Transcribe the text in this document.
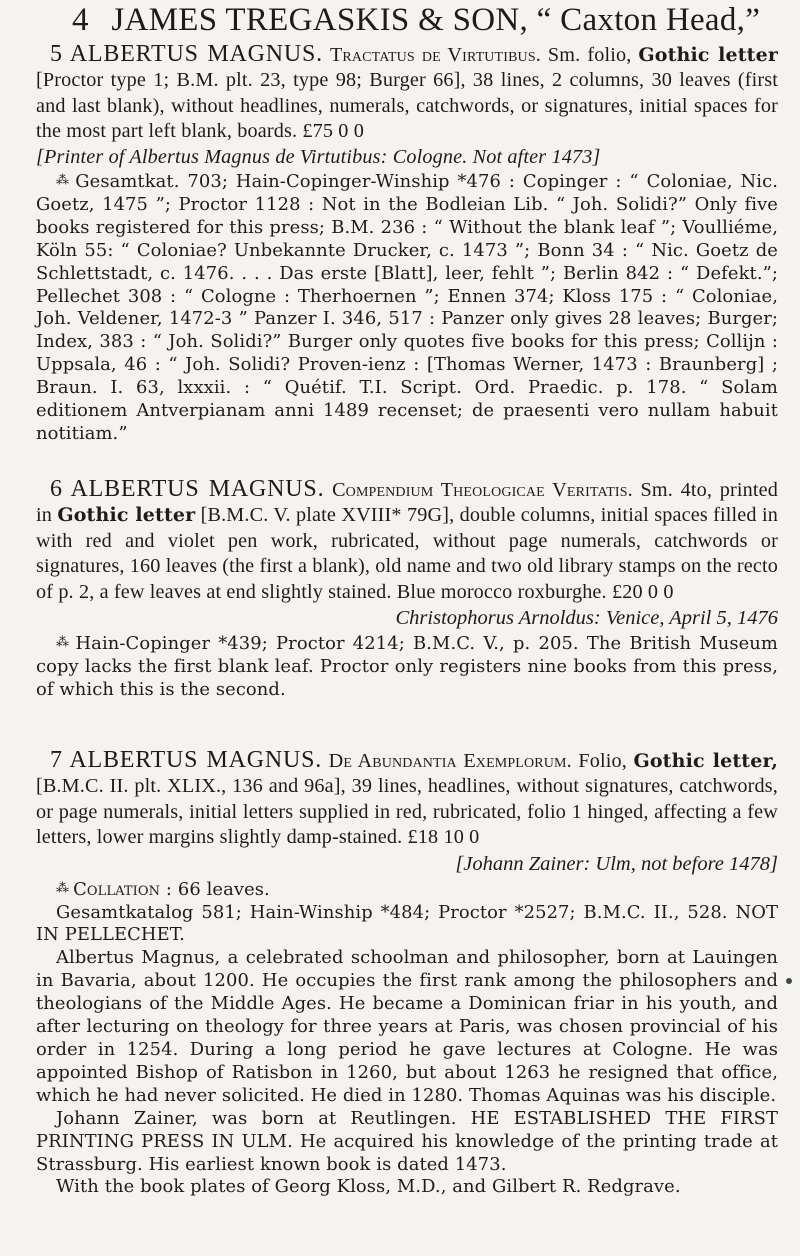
4 JAMES TREGASKIS & SON, “ Caxton Head,”

5 ALBERTUS MAGNUS. Tractatus de Virtutibus. Sm. folio, Gothic letter [Proctor type 1; B.M. plt. 23, type 98; Burger 66], 38 lines, 2 columns, 30 leaves (first and last blank), without headlines, numerals, catchwords, or signatures, initial spaces for the most part left blank, boards. £75 0 0

[Printer of Albertus Magnus de Virtutibus: Cologne. Not after 1473]

⁂ Gesamtkat. 703; Hain-Copinger-Winship *476 : Copinger : “ Coloniae, Nic. Goetz, 1475 ”; Proctor 1128 : Not in the Bodleian Lib. “ Joh. Solidi?” Only five books registered for this press; B.M. 236 : “ Without the blank leaf ”; Voulliéme, Köln 55: “ Coloniae? Unbekannte Drucker, c. 1473 ”; Bonn 34 : “ Nic. Goetz de Schlettstadt, c. 1476. . . . Das erste [Blatt], leer, fehlt ”; Berlin 842 : “ Defekt.”; Pellechet 308 : “ Cologne : Therhoernen ”; Ennen 374; Kloss 175 : “ Coloniae, Joh. Veldener, 1472-3 ” Panzer I. 346, 517 : Panzer only gives 28 leaves; Burger; Index, 383 : “ Joh. Solidi?” Burger only quotes five books for this press; Collijn : Uppsala, 46 : “ Joh. Solidi? Proven-ienz : [Thomas Werner, 1473 : Braunberg] ; Braun. I. 63, lxxxii. : “ Quétif. T.I. Script. Ord. Praedic. p. 178. “ Solam editionem Antverpianam anni 1489 recenset; de praesenti vero nullam habuit notitiam.”

6 ALBERTUS MAGNUS. Compendium Theologicae Veritatis. Sm. 4to, printed in Gothic letter [B.M.C. V. plate XVIII* 79G], double columns, initial spaces filled in with red and violet pen work, rubricated, without page numerals, catchwords or signatures, 160 leaves (the first a blank), old name and two old library stamps on the recto of p. 2, a few leaves at end slightly stained. Blue morocco roxburghe. £20 0 0

Christophorus Arnoldus: Venice, April 5, 1476

⁂ Hain-Copinger *439; Proctor 4214; B.M.C. V., p. 205. The British Museum copy lacks the first blank leaf. Proctor only registers nine books from this press, of which this is the second.

7 ALBERTUS MAGNUS. De Abundantia Exemplorum. Folio, Gothic letter, [B.M.C. II. plt. XLIX., 136 and 96a], 39 lines, headlines, without signatures, catchwords, or page numerals, initial letters supplied in red, rubricated, folio 1 hinged, affecting a few letters, lower margins slightly damp-stained. £18 10 0

[Johann Zainer: Ulm, not before 1478]

⁂ Collation : 66 leaves.

Gesamtkatalog 581; Hain-Winship *484; Proctor *2527; B.M.C. II., 528. NOT IN PELLECHET.

Albertus Magnus, a celebrated schoolman and philosopher, born at Lauingen in Bavaria, about 1200. He occupies the first rank among the philosophers and theologians of the Middle Ages. He became a Dominican friar in his youth, and after lecturing on theology for three years at Paris, was chosen provincial of his order in 1254. During a long period he gave lectures at Cologne. He was appointed Bishop of Ratisbon in 1260, but about 1263 he resigned that office, which he had never solicited. He died in 1280. Thomas Aquinas was his disciple.

Johann Zainer, was born at Reutlingen. HE ESTABLISHED THE FIRST PRINTING PRESS IN ULM. He acquired his knowledge of the printing trade at Strassburg. His earliest known book is dated 1473.

With the book plates of Georg Kloss, M.D., and Gilbert R. Redgrave.
